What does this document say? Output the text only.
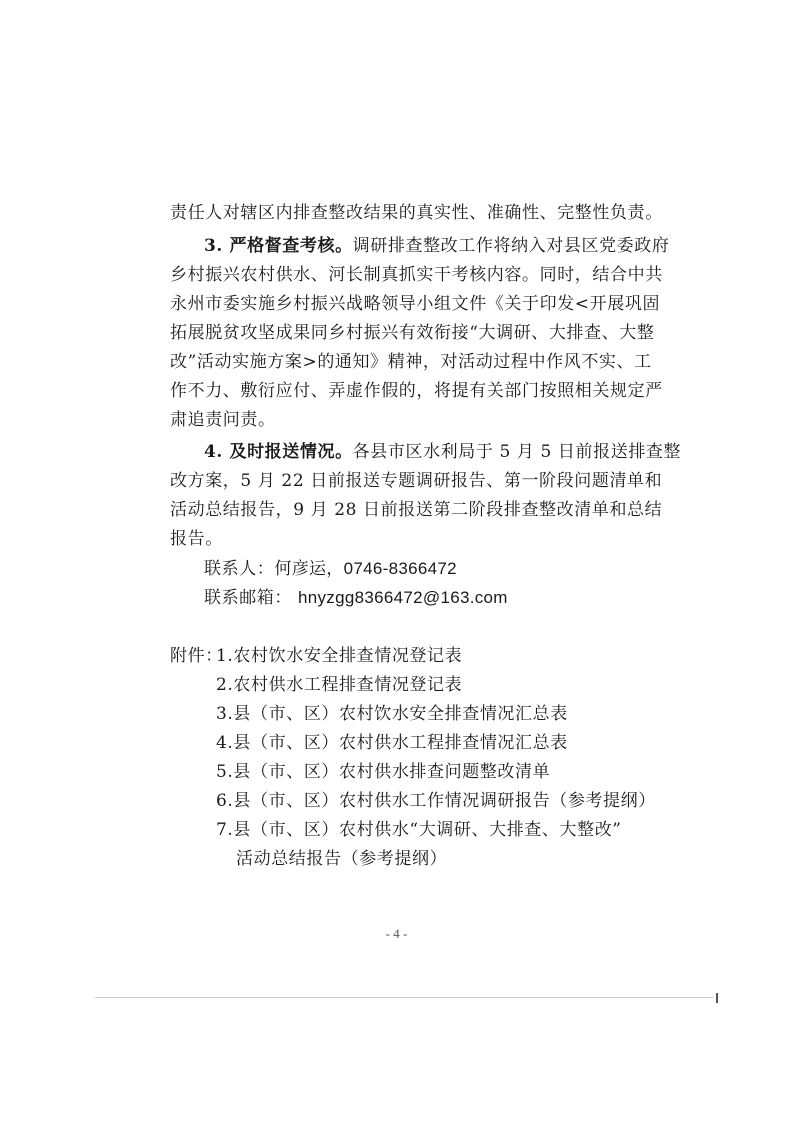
责任人对辖区内排查整改结果的真实性、准确性、完整性负责。
3. 严格督查考核。调研排查整改工作将纳入对县区党委政府
乡村振兴农村供水、河长制真抓实干考核内容。同时，结合中共
永州市委实施乡村振兴战略领导小组文件《关于印发<开展巩固
拓展脱贫攻坚成果同乡村振兴有效衔接“大调研、大排查、大整
改”活动实施方案>的通知》精神，对活动过程中作风不实、工
作不力、敷衍应付、弄虚作假的，将提有关部门按照相关规定严
肃追责问责。
4. 及时报送情况。各县市区水利局于 5 月 5 日前报送排查整
改方案，5 月 22 日前报送专题调研报告、第一阶段问题清单和
活动总结报告，9 月 28 日前报送第二阶段排查整改清单和总结
报告。
联系人：何彦运，0746-8366472
联系邮箱： hnyzgg8366472@163.com
附件：
1.农村饮水安全排查情况登记表
2.农村供水工程排查情况登记表
3.县（市、区）农村饮水安全排查情况汇总表
4.县（市、区）农村供水工程排查情况汇总表
5.县（市、区）农村供水排查问题整改清单
6.县（市、区）农村供水工作情况调研报告（参考提纲）
7.县（市、区）农村供水“大调研、大排查、大整改”
活动总结报告（参考提纲）
- 4 -
